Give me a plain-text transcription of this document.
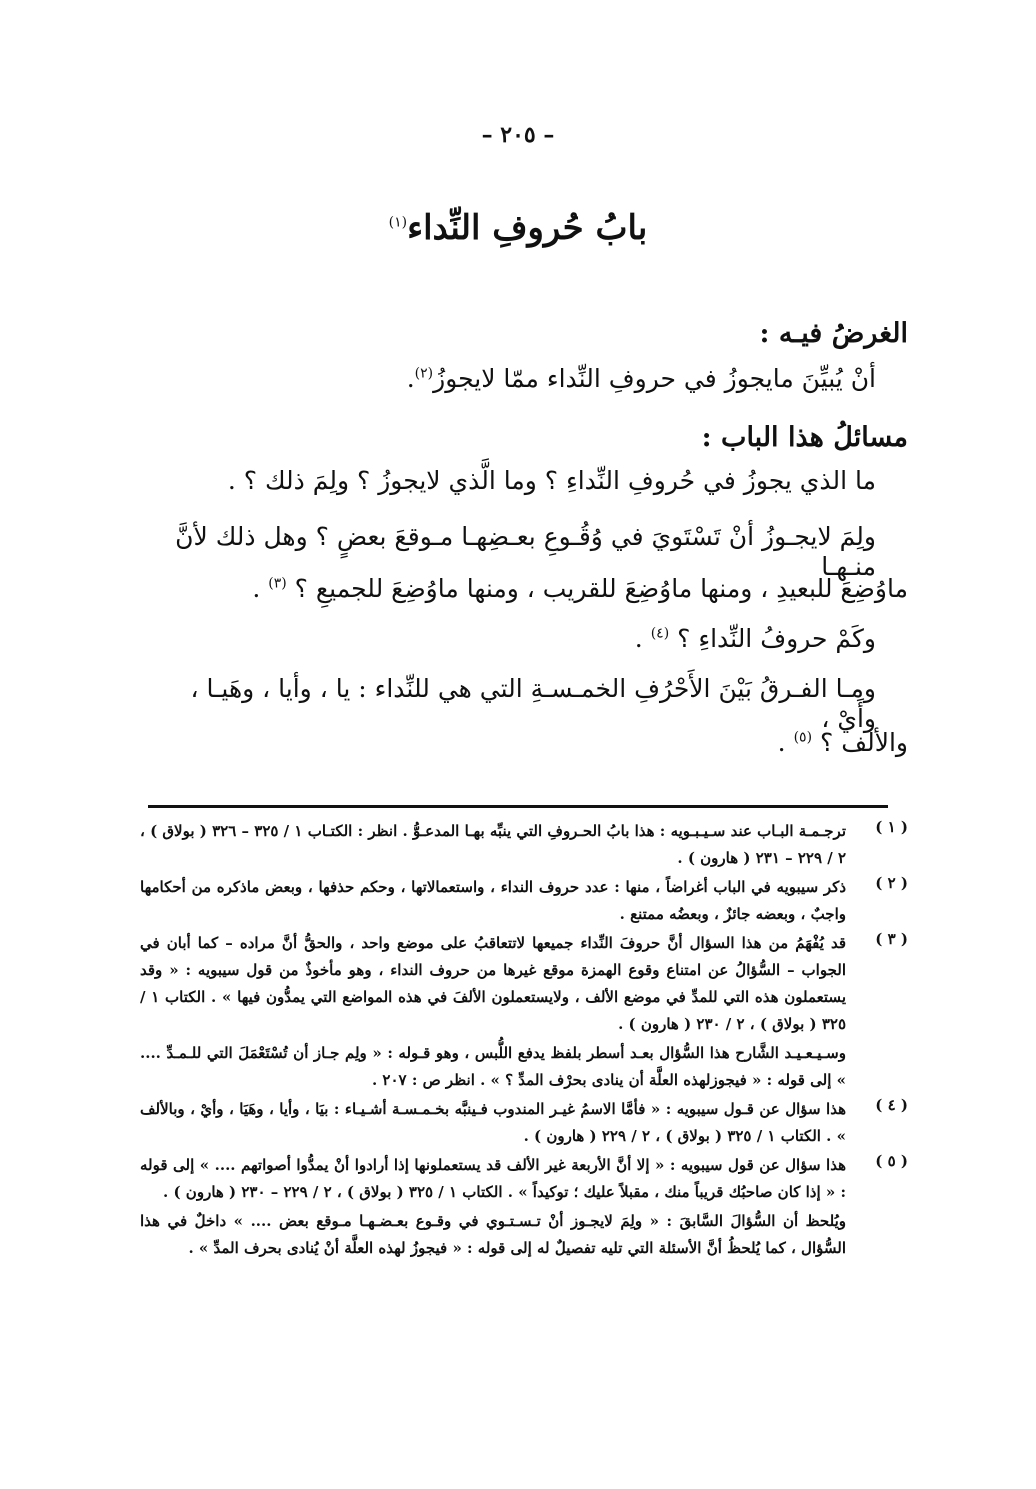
– ٢٠٥ –
بابُ حُروفِ النِّداء$^{(١)}$
الغرضُ فيـه :
أنْ يُبيِّنَ مايجوزُ في حروفِ النِّداء ممّا لايجوزُ$^{(٢)}$.
مسائلُ هذا الباب :
ما الذي يجوزُ في حُروفِ النِّداءِ ؟ وما الَّذي لايجوزُ ؟ ولِمَ ذلك ؟ .
ولِمَ لايجـوزُ أنْ تَسْتَويَ في وُقُـوعِ بعـضِهـا مـوقعَ بعضٍ ؟ وهل ذلك لأنَّ منـهـا
ماوُضِعَ للبعيدِ ، ومنها ماوُضِعَ للقريب ، ومنها ماوُضِعَ للجميعِ ؟ $^{(٣)}$ .
وكَمْ حروفُ النِّداءِ ؟ $^{(٤)}$ .
ومـا الفـرقُ بَيْنَ الأَحْرُفِ الخمـسـةِ التي هي للنِّداء : يا ، وأيا ، وهَيـا ، وأَيْ ،
والألف ؟ $^{(٥)}$ .
( ١ )
ترجـمـة البـاب عند سـيـبـويه : هذا بابُ الحـروفِ التي ينبِّه بهـا المدعـوُّ . انظر : الكتـاب ١ / ٣٢٥ – ٣٢٦ ( بولاق ) ، ٢ / ٢٢٩ – ٢٣١ ( هارون ) .
( ٢ )
ذكر سيبويه في الباب أغراضاً ، منها : عدد حروف النداء ، واستعمالاتها ، وحكم حذفها ، وبعض ماذكره من أحكامها واجبٌ ، وبعضه جائزٌ ، وبعضُه ممتنع .
( ٣ )
قد يُفْهَمُ من هذا السؤال أنَّ حروفَ النِّداء جميعها لاتتعاقبُ على موضع واحد ، والحقُّ أنَّ مراده – كما أبان في الجواب – السُّؤالُ عن امتناع وقوع الهمزة موقع غيرها من حروف النداء ، وهو مأخوذٌ من قول سيبويه : « وقد يستعملون هذه التي للمدِّ في موضع الألف ، ولايستعملون الألفَ في هذه المواضع التي يمدُّون فيها » . الكتاب ١ / ٣٢٥ ( بولاق ) ، ٢ / ٢٣٠ ( هارون ) .
وسـيـعـيـد الشَّارح هذا السُّؤال بعـد أسطر بلفظ يدفع اللُّبس ، وهو قـوله : « ولِم جـاز أن تُسْتَعْمَلَ التي للـمـدِّ .... » إلى قوله : « فيجوزلهذه العلَّة أن ينادى بحرْف المدِّ ؟ » . انظر ص : ٢٠٧ .
( ٤ )
هذا سؤال عن قـول سيبويه : « فأمَّا الاسمُ غيـر المندوب فـينبَّه بخـمـسـة أشـيـاء : بيَا ، وأيا ، وهَيَا ، وأيْ ، وبالألف » . الكتاب ١ / ٣٢٥ ( بولاق ) ، ٢ / ٢٢٩ ( هارون ) .
( ٥ )
هذا سؤال عن قول سيبويه : « إلا أنَّ الأربعة غير الألف قد يستعملونها إذا أرادوا أنْ يمدُّوا أصواتهم .... » إلى قوله : « إذا كان صاحبُك قريباً منك ، مقبلاً عليك ؛ توكيداً » . الكتاب ١ / ٣٢٥ ( بولاق ) ، ٢ / ٢٢٩ – ٢٣٠ ( هارون ) .
ويُلحظ أن السُّؤالَ السَّابقَ : « ولِمَ لايجـوز أنْ تـسـتـوي في وقـوع بعـضـهـا مـوقع بعض .... » داخلٌ في هذا السُّؤال ، كما يُلحظُ أنَّ الأسئلة التي تليه تفصيلٌ له إلى قوله : « فيجوزُ لهذه العلَّة أنْ يُنادى بحرف المدِّ » .
